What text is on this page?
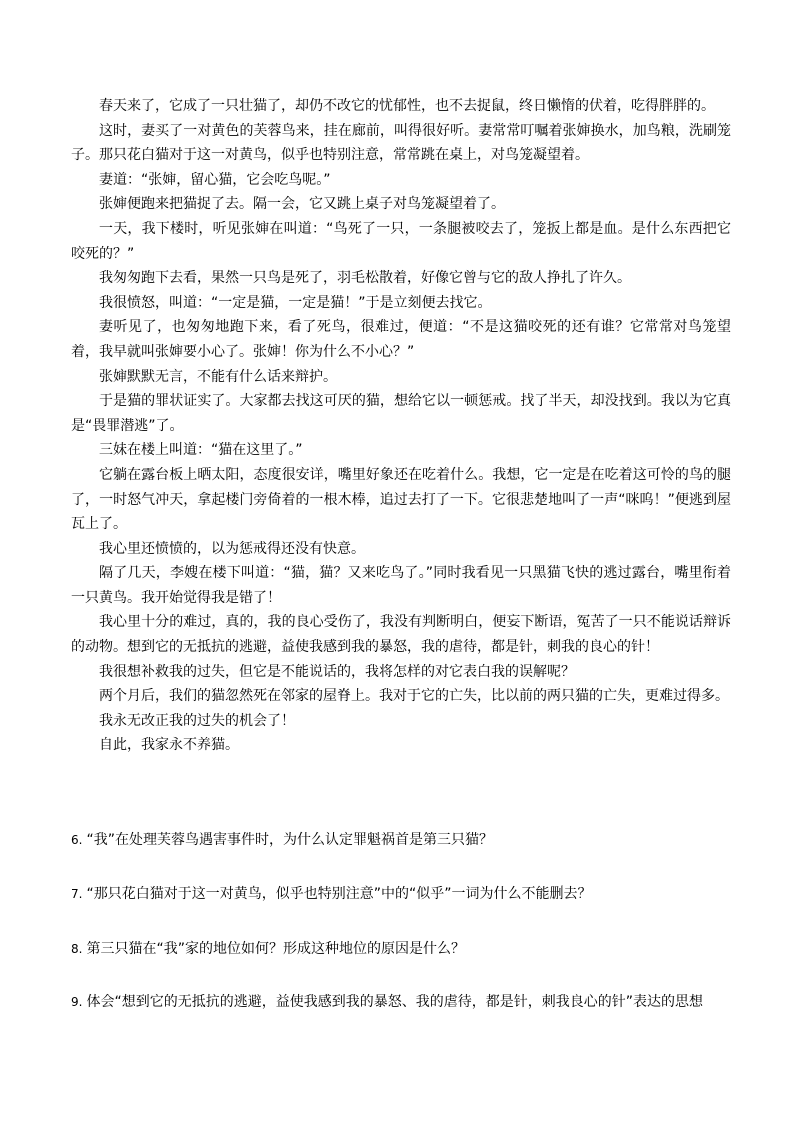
春天来了，它成了一只壮猫了，却仍不改它的忧郁性，也不去捉鼠，终日懒惰的伏着，吃得胖胖的。

这时，妻买了一对黄色的芙蓉鸟来，挂在廊前，叫得很好听。妻常常叮嘱着张婶换水，加鸟粮，洗刷笼子。那只花白猫对于这一对黄鸟，似乎也特别注意，常常跳在桌上，对鸟笼凝望着。

妻道：“张婶，留心猫，它会吃鸟呢。”

张婶便跑来把猫捉了去。隔一会，它又跳上桌子对鸟笼凝望着了。

一天，我下楼时，听见张婶在叫道：“鸟死了一只，一条腿被咬去了，笼扳上都是血。是什么东西把它咬死的？”

我匆匆跑下去看，果然一只鸟是死了，羽毛松散着，好像它曾与它的敌人挣扎了许久。

我很愤怒，叫道：“一定是猫，一定是猫！”于是立刻便去找它。

妻听见了，也匆匆地跑下来，看了死鸟，很难过，便道：“不是这猫咬死的还有谁？它常常对鸟笼望着，我早就叫张婶要小心了。张婶！你为什么不小心？”

张婶默默无言，不能有什么话来辩护。

于是猫的罪状证实了。大家都去找这可厌的猫，想给它以一顿惩戒。找了半天，却没找到。我以为它真是“畏罪潜逃”了。

三妹在楼上叫道：“猫在这里了。”

它躺在露台板上晒太阳，态度很安详，嘴里好象还在吃着什么。我想，它一定是在吃着这可怜的鸟的腿了，一时怒气冲天，拿起楼门旁倚着的一根木棒，追过去打了一下。它很悲楚地叫了一声“咪呜！”便逃到屋瓦上了。

我心里还愤愤的，以为惩戒得还没有快意。

隔了几天，李嫂在楼下叫道：“猫，猫？又来吃鸟了。”同时我看见一只黑猫飞快的逃过露台，嘴里衔着一只黄鸟。我开始觉得我是错了！

我心里十分的难过，真的，我的良心受伤了，我没有判断明白，便妄下断语，冤苦了一只不能说话辩诉的动物。想到它的无抵抗的逃避，益使我感到我的暴怒，我的虐待，都是针，刺我的良心的针！

我很想补救我的过失，但它是不能说话的，我将怎样的对它表白我的误解呢？

两个月后，我们的猫忽然死在邻家的屋脊上。我对于它的亡失，比以前的两只猫的亡失，更难过得多。

我永无改正我的过失的机会了！

自此，我家永不养猫。

6. “我”在处理芙蓉鸟遇害事件时，为什么认定罪魁祸首是第三只猫？

7. “那只花白猫对于这一对黄鸟，似乎也特别注意”中的“似乎”一词为什么不能删去？

8. 第三只猫在“我”家的地位如何？形成这种地位的原因是什么？

9. 体会“想到它的无抵抗的逃避，益使我感到我的暴怒、我的虐待，都是针，刺我良心的针”表达的思想
